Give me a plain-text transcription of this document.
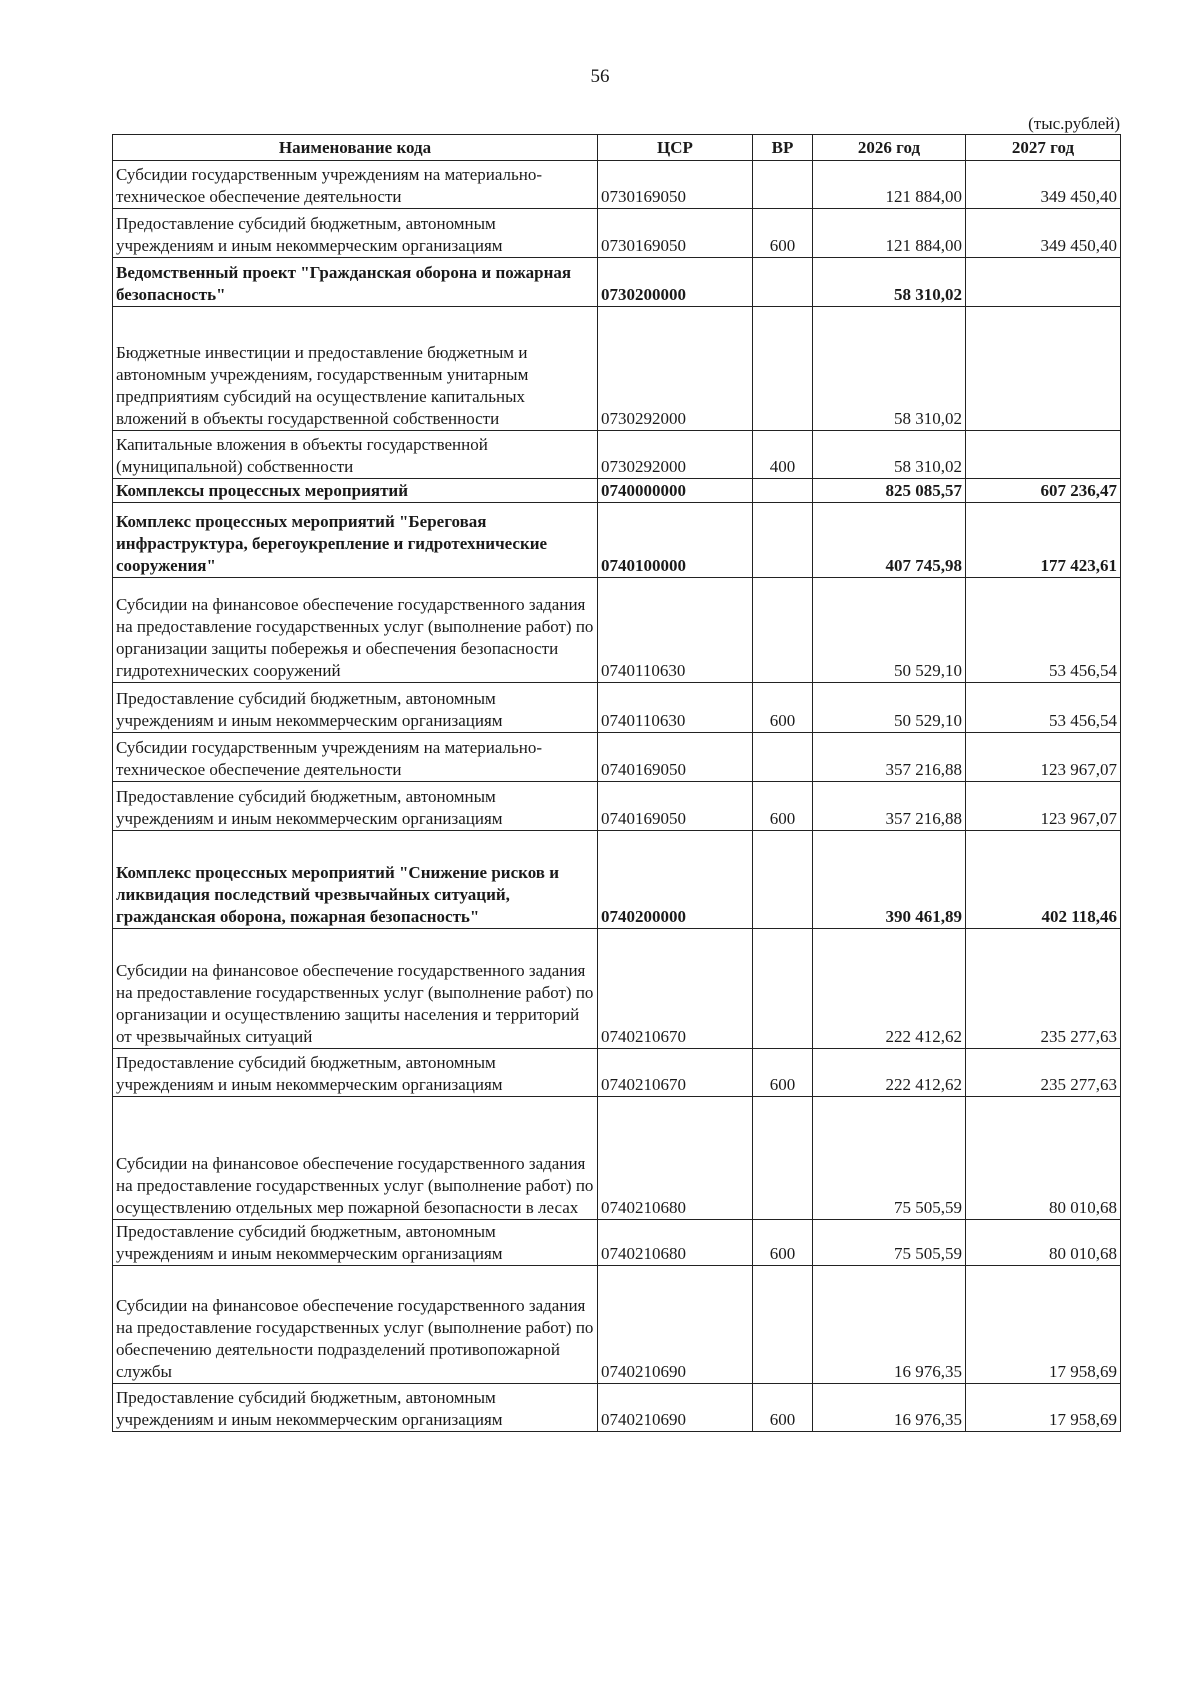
56
(тыс.рублей)
Наименование кода	ЦСР	ВР	2026 год	2027 год
Субсидии государственным учреждениям на материально-техническое обеспечение деятельности	0730169050		121 884,00	349 450,40
Предоставление субсидий бюджетным, автономным учреждениям и иным некоммерческим организациям	0730169050	600	121 884,00	349 450,40
Ведомственный проект "Гражданская оборона и пожарная безопасность"	0730200000		58 310,02	
Бюджетные инвестиции и предоставление бюджетным и автономным учреждениям, государственным унитарным предприятиям субсидий на осуществление капитальных вложений в объекты государственной собственности	0730292000		58 310,02	
Капитальные вложения в объекты государственной (муниципальной) собственности	0730292000	400	58 310,02	
Комплексы процессных мероприятий	0740000000		825 085,57	607 236,47
Комплекс процессных мероприятий "Береговая инфраструктура, берегоукрепление и гидротехнические сооружения"	0740100000		407 745,98	177 423,61
Субсидии на финансовое обеспечение государственного задания на предоставление государственных услуг (выполнение работ) по организации защиты побережья и обеспечения безопасности гидротехнических сооружений	0740110630		50 529,10	53 456,54
Предоставление субсидий бюджетным, автономным учреждениям и иным некоммерческим организациям	0740110630	600	50 529,10	53 456,54
Субсидии государственным учреждениям на материально-техническое обеспечение деятельности	0740169050		357 216,88	123 967,07
Предоставление субсидий бюджетным, автономным учреждениям и иным некоммерческим организациям	0740169050	600	357 216,88	123 967,07
Комплекс процессных мероприятий "Снижение рисков и ликвидация последствий чрезвычайных ситуаций, гражданская оборона, пожарная безопасность"	0740200000		390 461,89	402 118,46
Субсидии на финансовое обеспечение государственного задания на предоставление государственных услуг (выполнение работ) по организации и осуществлению защиты населения и территорий от чрезвычайных ситуаций	0740210670		222 412,62	235 277,63
Предоставление субсидий бюджетным, автономным учреждениям и иным некоммерческим организациям	0740210670	600	222 412,62	235 277,63
Субсидии на финансовое обеспечение государственного задания на предоставление государственных услуг (выполнение работ) по осуществлению отдельных мер пожарной безопасности в лесах	0740210680		75 505,59	80 010,68
Предоставление субсидий бюджетным, автономным учреждениям и иным некоммерческим организациям	0740210680	600	75 505,59	80 010,68
Субсидии на финансовое обеспечение государственного задания на предоставление государственных услуг (выполнение работ) по обеспечению деятельности подразделений противопожарной службы	0740210690		16 976,35	17 958,69
Предоставление субсидий бюджетным, автономным учреждениям и иным некоммерческим организациям	0740210690	600	16 976,35	17 958,69
